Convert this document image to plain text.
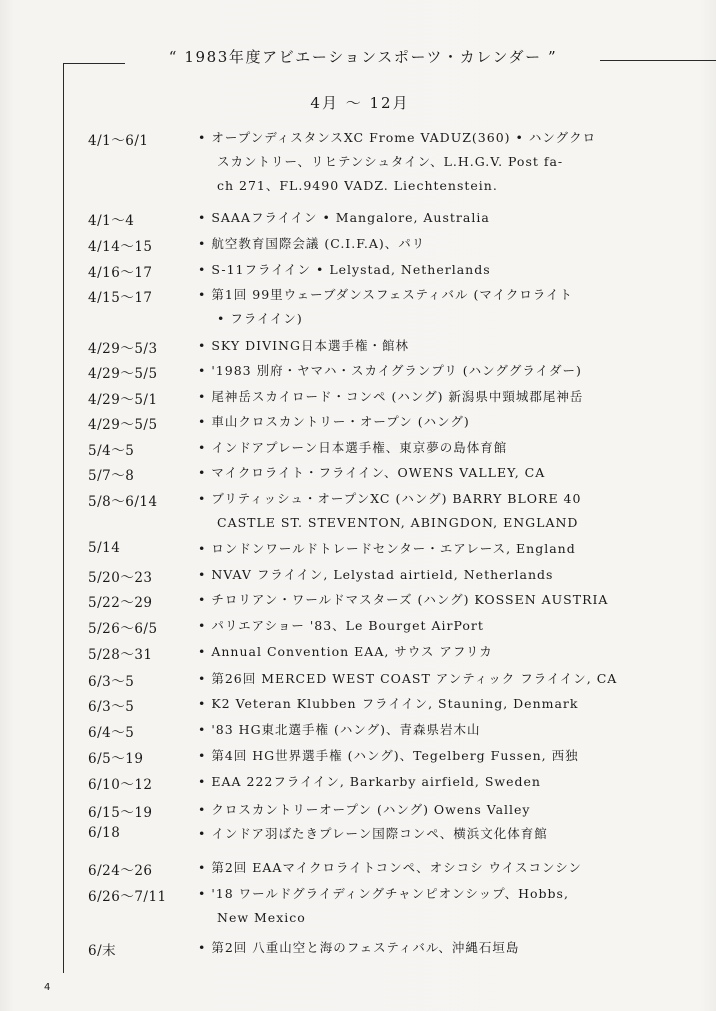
“ 1983年度アビエーションスポーツ・カレンダー ”
4月 〜 12月
4/1〜6/1	• オープンディスタンスXC Frome VADUZ(360) • ハングクロ
スカントリー、リヒテンシュタイン、L.H.G.V. Post fa-
ch 271、FL.9490 VADZ. Liechtenstein.
4/1〜4	• SAAAフライイン • Mangalore, Australia
4/14〜15	• 航空教育国際会議 (C.I.F.A)、パリ
4/16〜17	• S-11フライイン • Lelystad, Netherlands
4/15〜17	• 第1回 99里ウェーブダンスフェスティバル (マイクロライト
• フライイン)
4/29〜5/3	• SKY DIVING日本選手権・館林
4/29〜5/5	• '1983 別府・ヤマハ・スカイグランプリ (ハンググライダー)
4/29〜5/1	• 尾神岳スカイロード・コンペ (ハング) 新潟県中頸城郡尾神岳
4/29〜5/5	• 車山クロスカントリー・オープン (ハング)
5/4〜5	• インドアプレーン日本選手権、東京夢の島体育館
5/7〜8	• マイクロライト・フライイン、OWENS VALLEY, CA
5/8〜6/14	• ブリティッシュ・オープンXC (ハング) BARRY BLORE 40
CASTLE ST. STEVENTON, ABINGDON, ENGLAND
5/14	• ロンドンワールドトレードセンター・エアレース, England
5/20〜23	• NVAV フライイン, Lelystad airtield, Netherlands
5/22〜29	• チロリアン・ワールドマスターズ (ハング) KOSSEN AUSTRIA
5/26〜6/5	• パリエアショー '83、Le Bourget AirPort
5/28〜31	• Annual Convention EAA, サウス アフリカ
6/3〜5	• 第26回 MERCED WEST COAST アンティック フライイン, CA
6/3〜5	• K2 Veteran Klubben フライイン, Stauning, Denmark
6/4〜5	• '83 HG東北選手権 (ハング)、青森県岩木山
6/5〜19	• 第4回 HG世界選手権 (ハング)、Tegelberg Fussen, 西独
6/10〜12	• EAA 222フライイン, Barkarby airfield, Sweden
6/15〜19	• クロスカントリーオープン (ハング) Owens Valley
6/18	• インドア羽ばたきプレーン国際コンペ、横浜文化体育館
6/24〜26	• 第2回 EAAマイクロライトコンペ、オシコシ ウイスコンシン
6/26〜7/11	• '18 ワールドグライディングチャンピオンシップ、Hobbs,
New Mexico
6/末	• 第2回 八重山空と海のフェスティバル、沖縄石垣島
4
